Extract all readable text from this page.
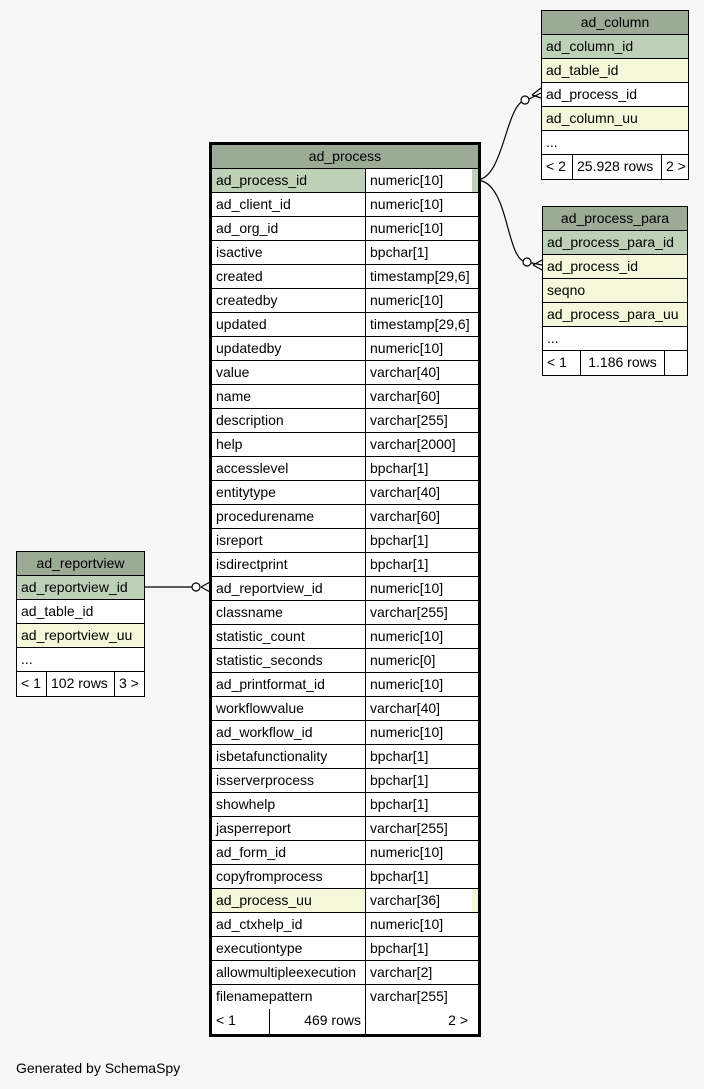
ad_column
ad_column_id
ad_table_id
ad_process_id
ad_column_uu
...
< 2 25.928 rows 2 >
ad_process_para
ad_process_para_id
ad_process_id
seqno
ad_process_para_uu
...
< 1	1.186 rows
ad_reportview
ad_reportview_id
ad_table_id
ad_reportview_uu
...
< 1 102 rows 3 >
ad_process
ad_process_id	numeric[10]
ad_client_id	numeric[10]
ad_org_id	numeric[10]
isactive	bpchar[1]
created	timestamp[29,6]
createdby	numeric[10]
updated	timestamp[29,6]
updatedby	numeric[10]
value	varchar[40]
name	varchar[60]
description	varchar[255]
help	varchar[2000]
accesslevel	bpchar[1]
entitytype	varchar[40]
procedurename	varchar[60]
isreport	bpchar[1]
isdirectprint	bpchar[1]
ad_reportview_id	numeric[10]
classname	varchar[255]
statistic_count	numeric[10]
statistic_seconds	numeric[0]
ad_printformat_id	numeric[10]
workflowvalue	varchar[40]
ad_workflow_id	numeric[10]
isbetafunctionality	bpchar[1]
isserverprocess	bpchar[1]
showhelp	bpchar[1]
jasperreport	varchar[255]
ad_form_id	numeric[10]
copyfromprocess	bpchar[1]
ad_process_uu	varchar[36]
ad_ctxhelp_id	numeric[10]
executiontype	bpchar[1]
allowmultipleexecution varchar[2]
filenamepattern	varchar[255]
< 1	469 rows	2 >
Generated by SchemaSpy
